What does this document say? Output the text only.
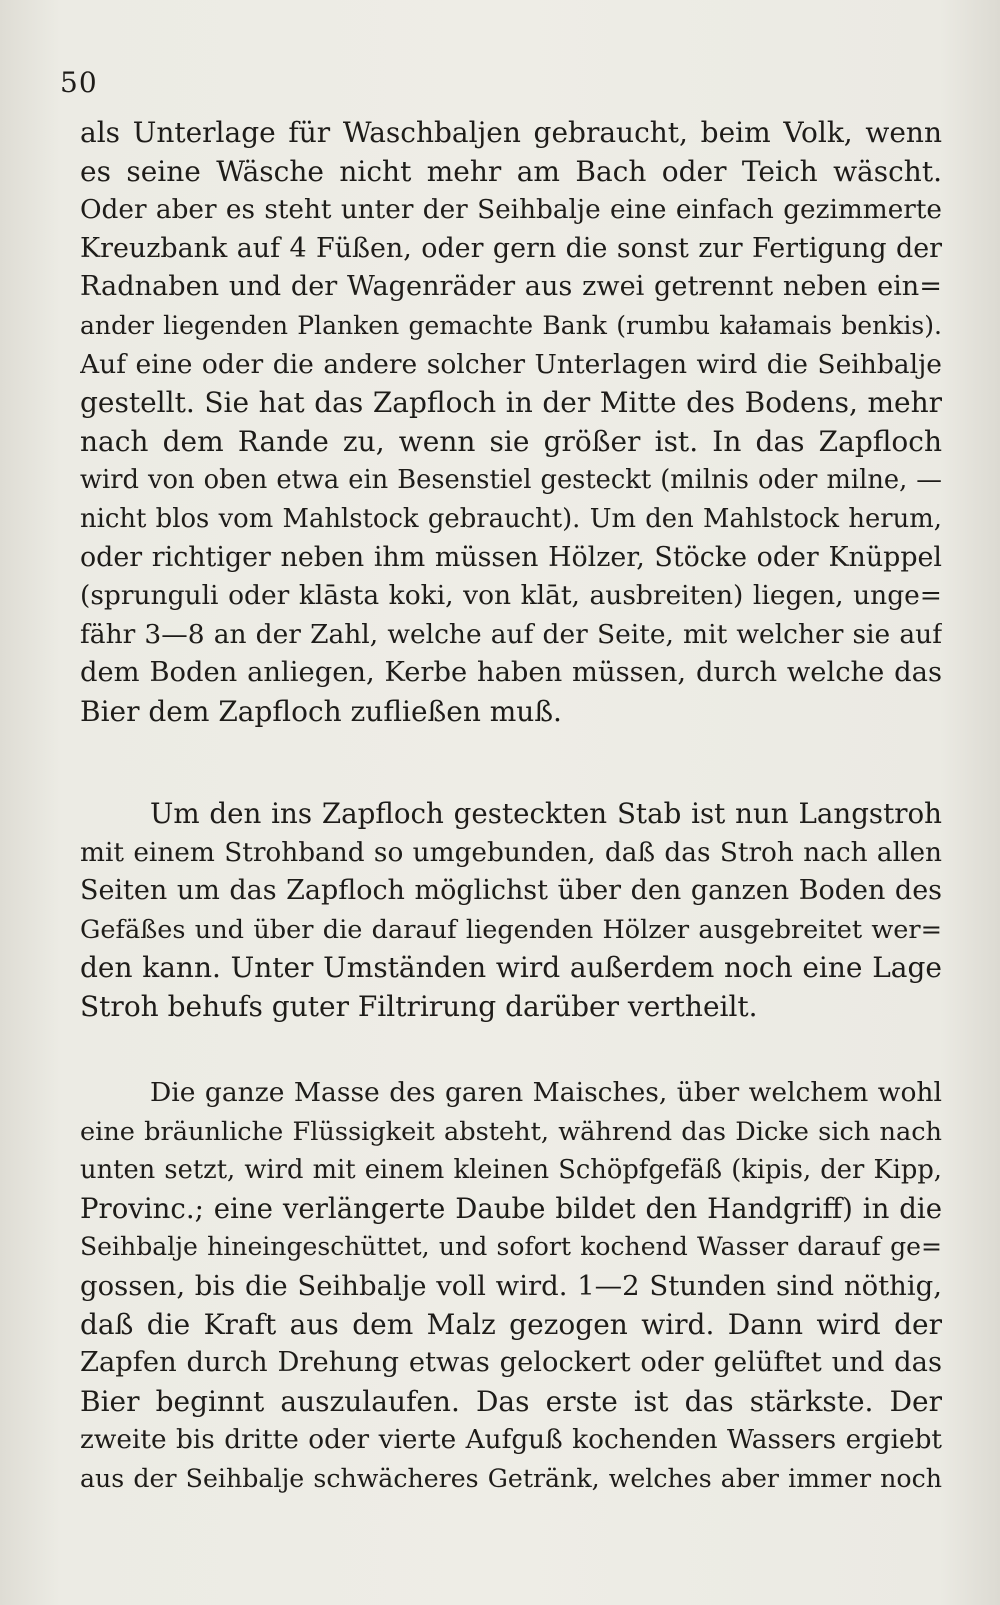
50
als Unterlage für Waschbaljen gebraucht, beim Volk, wenn
es seine Wäsche nicht mehr am Bach oder Teich wäscht.
Oder aber es steht unter der Seihbalje eine einfach gezimmerte
Kreuzbank auf 4 Füßen, oder gern die sonst zur Fertigung der
Radnaben und der Wagenräder aus zwei getrennt neben ein=
ander liegenden Planken gemachte Bank (rumbu kałamais benkis).
Auf eine oder die andere solcher Unterlagen wird die Seihbalje
gestellt. Sie hat das Zapfloch in der Mitte des Bodens, mehr
nach dem Rande zu, wenn sie größer ist. In das Zapfloch
wird von oben etwa ein Besenstiel gesteckt (milnis oder milne, —
nicht blos vom Mahlstock gebraucht). Um den Mahlstock herum,
oder richtiger neben ihm müssen Hölzer, Stöcke oder Knüppel
(sprunguli oder klāsta koki, von klāt, ausbreiten) liegen, unge=
fähr 3—8 an der Zahl, welche auf der Seite, mit welcher sie auf
dem Boden anliegen, Kerbe haben müssen, durch welche das
Bier dem Zapfloch zufließen muß.
Um den ins Zapfloch gesteckten Stab ist nun Langstroh
mit einem Strohband so umgebunden, daß das Stroh nach allen
Seiten um das Zapfloch möglichst über den ganzen Boden des
Gefäßes und über die darauf liegenden Hölzer ausgebreitet wer=
den kann. Unter Umständen wird außerdem noch eine Lage
Stroh behufs guter Filtrirung darüber vertheilt.
Die ganze Masse des garen Maisches, über welchem wohl
eine bräunliche Flüssigkeit absteht, während das Dicke sich nach
unten setzt, wird mit einem kleinen Schöpfgefäß (kipis, der Kipp,
Provinc.; eine verlängerte Daube bildet den Handgriff) in die
Seihbalje hineingeschüttet, und sofort kochend Wasser darauf ge=
gossen, bis die Seihbalje voll wird. 1—2 Stunden sind nöthig,
daß die Kraft aus dem Malz gezogen wird. Dann wird der
Zapfen durch Drehung etwas gelockert oder gelüftet und das
Bier beginnt auszulaufen. Das erste ist das stärkste. Der
zweite bis dritte oder vierte Aufguß kochenden Wassers ergiebt
aus der Seihbalje schwächeres Getränk, welches aber immer noch
